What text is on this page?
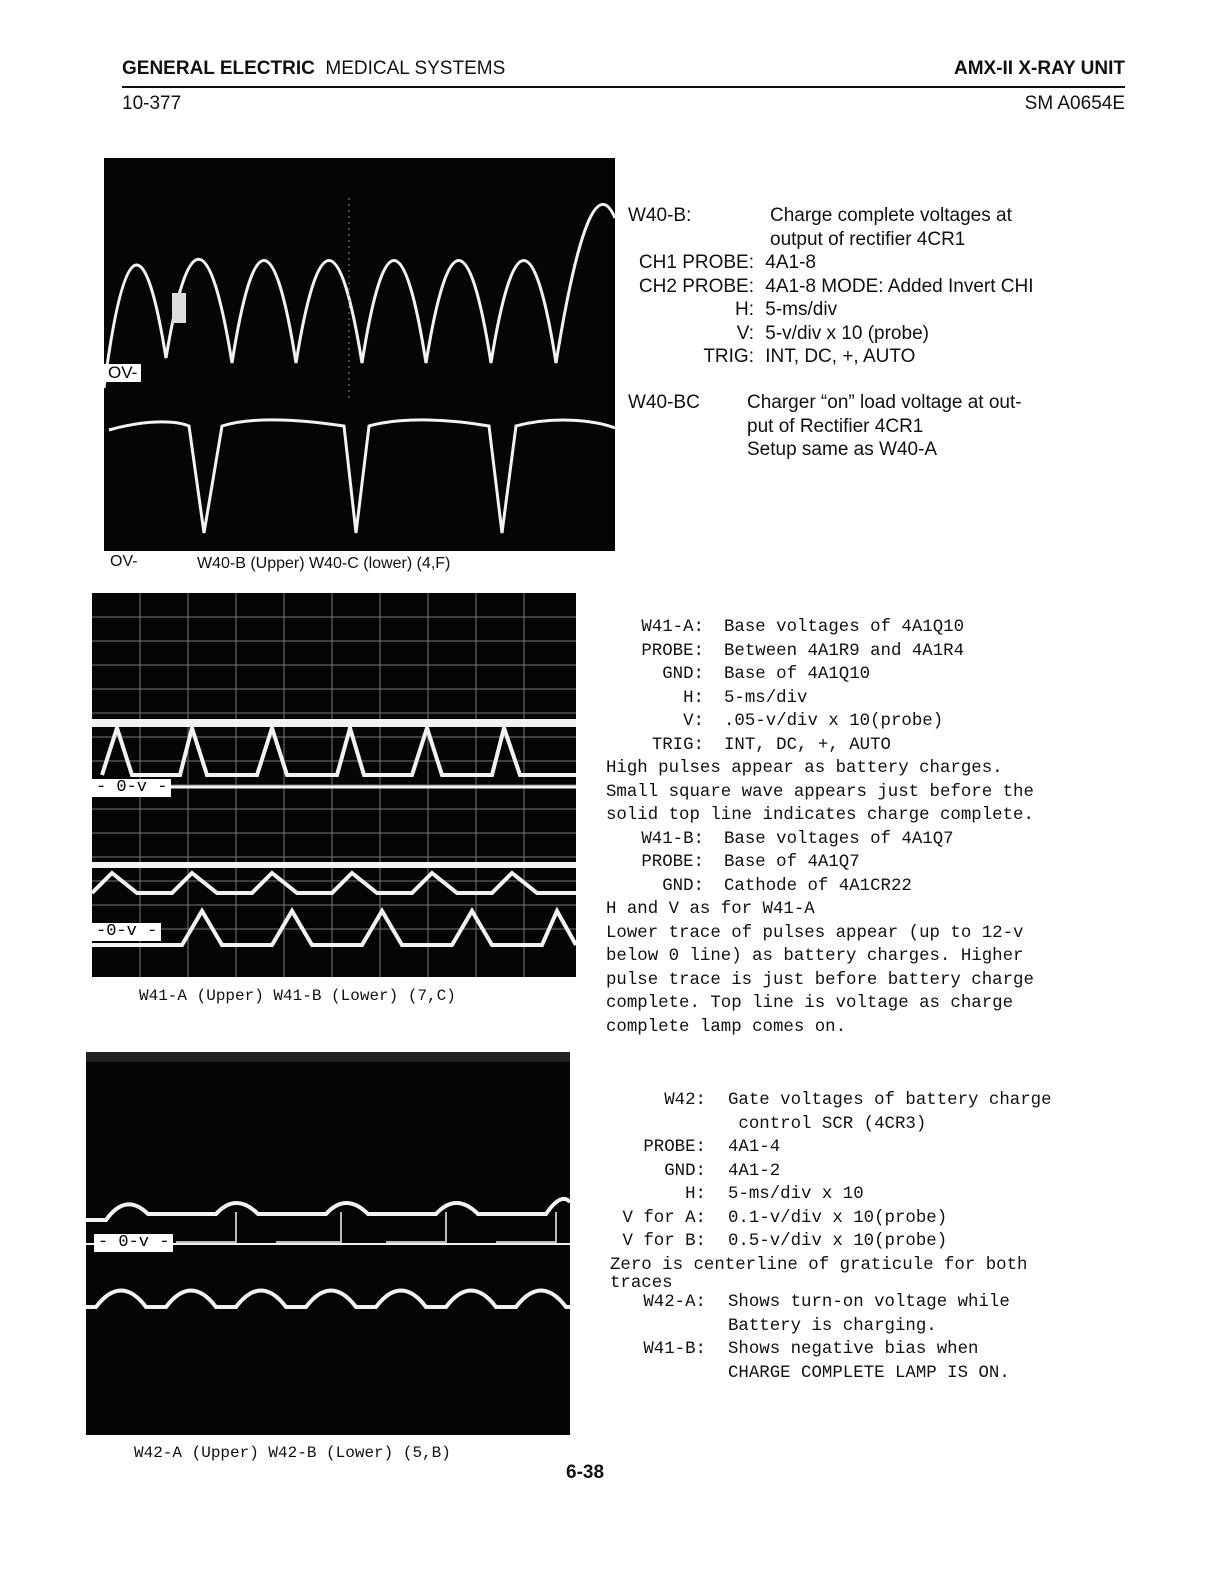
GENERAL ELECTRIC MEDICAL SYSTEMS	AMX-II X-RAY UNIT
10-377	SM A0654E
OV-
OV-	W40-B (Upper) W40-C (lower) (4,F)
W40-B:	Charge complete voltages at
output of rectifier 4CR1
CH1 PROBE: 4A1-8
CH2 PROBE: 4A1-8 MODE: Added Invert CHI
H: 5-ms/div
V: 5-v/div x 10 (probe)
TRIG: INT, DC, +, AUTO
W40-BC Charger “on” load voltage at out-
put of Rectifier 4CR1
Setup same as W40-A
- 0-v -
-0-v -
W41-A (Upper) W41-B (Lower) (7,C)
W41-A: Base voltages of 4A1Q10
PROBE: Between 4A1R9 and 4A1R4
GND: Base of 4A1Q10
H: 5-ms/div
V: .05-v/div x 10(probe)
TRIG: INT, DC, +, AUTO
High pulses appear as battery charges.
Small square wave appears just before the
solid top line indicates charge complete.
W41-B: Base voltages of 4A1Q7
PROBE: Base of 4A1Q7
GND: Cathode of 4A1CR22
H and V as for W41-A
Lower trace of pulses appear (up to 12-v
below 0 line) as battery charges. Higher
pulse trace is just before battery charge
complete. Top line is voltage as charge
complete lamp comes on.
- 0-v -
W42-A (Upper) W42-B (Lower) (5,B)
W42: Gate voltages of battery charge
control SCR (4CR3)
PROBE: 4A1-4
GND: 4A1-2
H: 5-ms/div x 10
V for A: 0.1-v/div x 10(probe)
V for B: 0.5-v/div x 10(probe)
Zero is centerline of graticule for both
traces
W42-A: Shows turn-on voltage while
Battery is charging.
W41-B: Shows negative bias when
CHARGE COMPLETE LAMP IS ON.
6-38
